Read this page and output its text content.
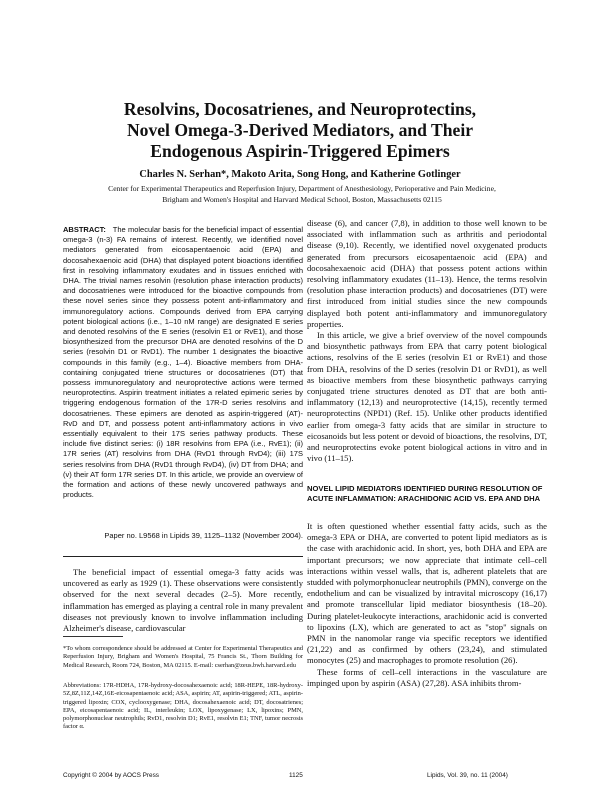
Resolvins, Docosatrienes, and Neuroprotectins,
Novel Omega-3-Derived Mediators, and Their
Endogenous Aspirin-Triggered Epimers
Charles N. Serhan*, Makoto Arita, Song Hong, and Katherine Gotlinger
Center for Experimental Therapeutics and Reperfusion Injury, Department of Anesthesiology, Perioperative and Pain Medicine, Brigham and Women's Hospital and Harvard Medical School, Boston, Massachusetts 02115
ABSTRACT: The molecular basis for the beneficial impact of essential omega-3 (n-3) FA remains of interest. Recently, we identified novel mediators generated from eicosapentaenoic acid (EPA) and docosahexaenoic acid (DHA) that displayed potent bioactions identified first in resolving inflammatory exudates and in tissues enriched with DHA. The trivial names resolvin (resolution phase interaction products) and docosatrienes were introduced for the bioactive compounds from these novel series since they possess potent anti-inflammatory and immunoregulatory actions. Compounds derived from EPA carrying potent biological actions (i.e., 1–10 nM range) are designated E series and denoted resolvins of the E series (resolvin E1 or RvE1), and those biosynthesized from the precursor DHA are denoted resolvins of the D series (resolvin D1 or RvD1). The number 1 designates the bioactive compounds in this family (e.g., 1–4). Bioactive members from DHA-containing conjugated triene structures or docosatrienes (DT) that possess immunoregulatory and neuroprotective actions were termed neuroprotectins. Aspirin treatment initiates a related epimeric series by triggering endogenous formation of the 17R-D series resolvins and docosatrienes. These epimers are denoted as aspirin-triggered (AT)-RvD and DT, and possess potent anti-inflammatory actions in vivo essentially equivalent to their 17S series pathway products. These include five distinct series: (i) 18R resolvins from EPA (i.e., RvE1); (ii) 17R series (AT) resolvins from DHA (RvD1 through RvD4); (iii) 17S series resolvins from DHA (RvD1 through RvD4), (iv) DT from DHA; and (v) their AT form 17R series DT. In this article, we provide an overview of the formation and actions of these newly uncovered pathways and products.
Paper no. L9568 in Lipids 39, 1125–1132 (November 2004).
The beneficial impact of essential omega-3 fatty acids was uncovered as early as 1929 (1). These observations were consistently observed for the next several decades (2–5). More recently, inflammation has emerged as playing a central role in many prevalent diseases not previously known to involve inflammation including Alzheimer's disease, cardiovascular
*To whom correspondence should be addressed at Center for Experimental Therapeutics and Reperfusion Injury, Brigham and Women's Hospital, 75 Francis St., Thorn Building for Medical Research, Room 724, Boston, MA 02115. E-mail: cserhan@zeus.bwh.harvard.edu
Abbreviations: 17R-HDHA, 17R-hydroxy-docosahexaenoic acid; 18R-HEPE, 18R-hydroxy-5Z,8Z,11Z,14Z,16E-eicosapentaenoic acid; ASA, aspirin; AT, aspirin-triggered; ATL, aspirin-triggered lipoxin; COX, cyclooxygenase; DHA, docosahexaenoic acid; DT, docosatrienes; EPA, eicosapentaenoic acid; IL, interleukin; LOX, lipoxygenase; LX, lipoxins; PMN, polymorphonuclear neutrophils; RvD1, resolvin D1; RvE1, resolvin E1; TNF, tumor necrosis factor α.

disease (6), and cancer (7,8), in addition to those well known to be associated with inflammation such as arthritis and periodontal disease (9,10). Recently, we identified novel oxygenated products generated from precursors eicosapentaenoic acid (EPA) and docosahexaenoic acid (DHA) that possess potent actions within resolving inflammatory exudates (11–13). Hence, the terms resolvin (resolution phase interaction products) and docosatrienes (DT) were first introduced from initial studies since the new compounds displayed both potent anti-inflammatory and immunoregulatory properties.

In this article, we give a brief overview of the novel compounds and biosynthetic pathways from EPA that carry potent biological actions, resolvins of the E series (resolvin E1 or RvE1) and those from DHA, resolvins of the D series (resolvin D1 or RvD1), as well as bioactive members from these biosynthetic pathways carrying conjugated triene structures denoted as DT that are both anti-inflammatory (12,13) and neuroprotective (14,15), recently termed neuroprotectins (NPD1) (Ref. 15). Unlike other products identified earlier from omega-3 fatty acids that are similar in structure to eicosanoids but less potent or devoid of bioactions, the resolvins, DT, and neuroprotectins evoke potent biological actions in vitro and in vivo (11–15).

NOVEL LIPID MEDIATORS IDENTIFIED DURING RESOLUTION OF ACUTE INFLAMMATION: ARACHIDONIC ACID VS. EPA AND DHA

It is often questioned whether essential fatty acids, such as the omega-3 EPA or DHA, are converted to potent lipid mediators as is the case with arachidonic acid. In short, yes, both DHA and EPA are important precursors; we now appreciate that intimate cell–cell interactions within vessel walls, that is, adherent platelets that are studded with polymorphonuclear neutrophils (PMN), converge on the endothelium and can be visualized by intravital microscopy (16,17) and promote transcellular lipid mediator biosynthesis (18–20). During platelet-leukocyte interactions, arachidonic acid is converted to lipoxins (LX), which are generated to act as "stop" signals on PMN in the nanomolar range via specific receptors we identified (21,22) and as confirmed by others (23,24), and stimulated monocytes (25) and macrophages to promote resolution (26).

These forms of cell–cell interactions in the vasculature are impinged upon by aspirin (ASA) (27,28). ASA inhibits throm-

Copyright © 2004 by AOCS Press	1125	Lipids, Vol. 39, no. 11 (2004)
